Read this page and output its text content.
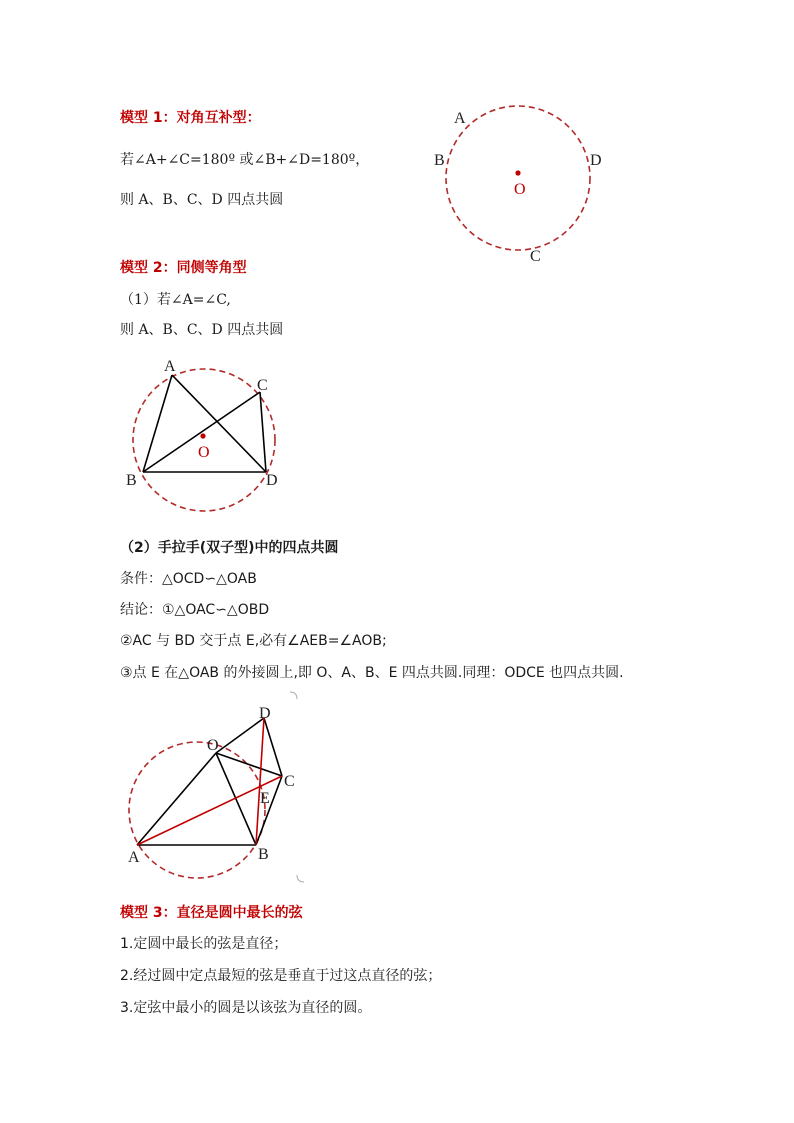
模型 1：对角互补型：
若∠A+∠C=180º 或∠B+∠D=180º，
则 A、B、C、D 四点共圆
O
A
B	D
C
模型 2：同侧等角型
（1）若∠A=∠C,
则 A、B、C、D 四点共圆
O
A
C
B	D
（2）手拉手(双子型)中的四点共圆
条件：△OCD∽△OAB
结论：①△OAC∽△OBD
②AC 与 BD 交于点 E,必有∠AEB=∠AOB;
③点 E 在△OAB 的外接圆上,即 O、A、B、E 四点共圆.同理：ODCE 也四点共圆.
D
O
C
E
A	B
模型 3：直径是圆中最长的弦
1.定圆中最长的弦是直径；
2.经过圆中定点最短的弦是垂直于过这点直径的弦；
3.定弦中最小的圆是以该弦为直径的圆。
